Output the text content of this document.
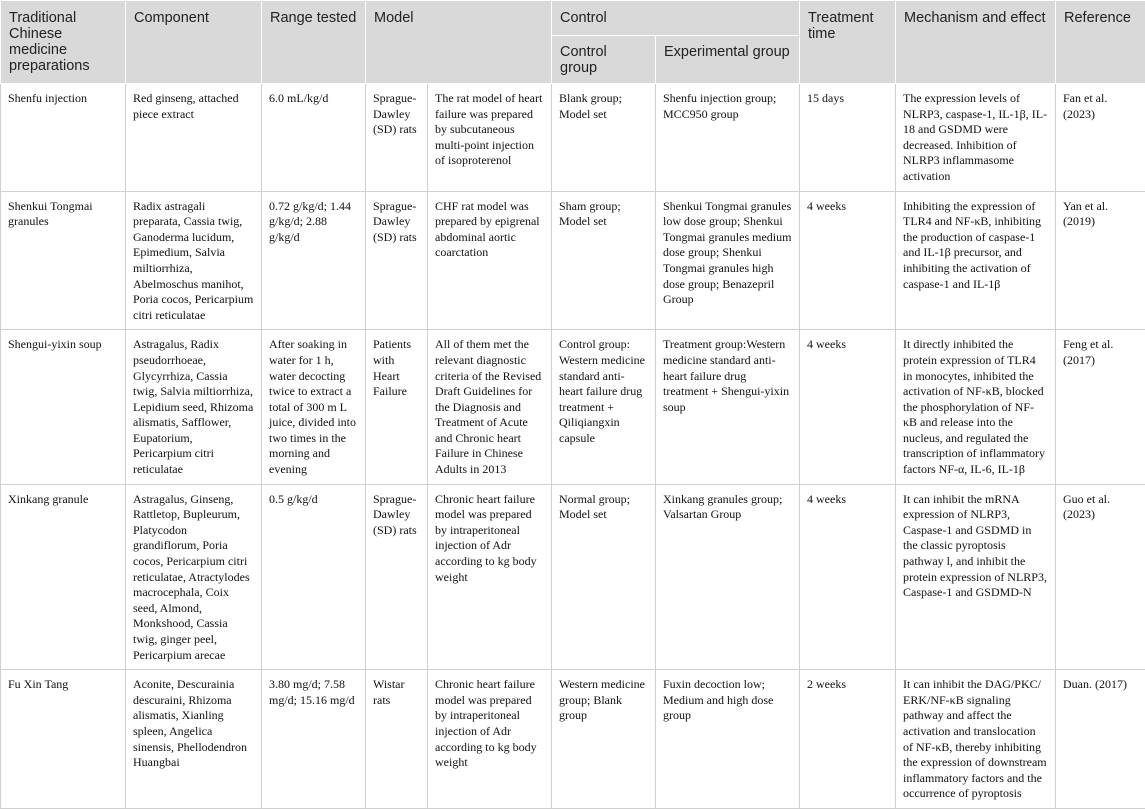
Traditional Chinese medicine preparations	Component	Range tested	Model		Control		Treatment time	Mechanism and effect	Reference
					Control group	Experimental group			
Shenfu injection	Red ginseng, attached piece extract	6.0 mL/kg/d	Sprague-Dawley (SD) rats	The rat model of heart failure was prepared by subcutaneous multi-point injection of isoproterenol	Blank group; Model set	Shenfu injection group; MCC950 group	15 days	The expression levels of NLRP3, caspase-1, IL-1β, IL-18 and GSDMD were decreased. Inhibition of NLRP3 inflammasome activation	Fan et al. (2023)
Shenkui Tongmai granules	Radix astragali preparata, Cassia twig, Ganoderma lucidum, Epimedium, Salvia miltiorrhiza, Abelmoschus manihot, Poria cocos, Pericarpium citri reticulatae	0.72 g/kg/d; 1.44 g/kg/d; 2.88 g/kg/d	Sprague-Dawley (SD) rats	CHF rat model was prepared by epigrenal abdominal aortic coarctation	Sham group; Model set	Shenkui Tongmai granules low dose group; Shenkui Tongmai granules medium dose group; Shenkui Tongmai granules high dose group; Benazepril Group	4 weeks	Inhibiting the expression of TLR4 and NF-κB, inhibiting the production of caspase-1 and IL-1β precursor, and inhibiting the activation of caspase-1 and IL-1β	Yan et al. (2019)
Shengui-yixin soup	Astragalus, Radix pseudorrhoeae, Glycyrrhiza, Cassia twig, Salvia miltiorrhiza, Lepidium seed, Rhizoma alismatis, Safflower, Eupatorium, Pericarpium citri reticulatae	After soaking in water for 1 h, water decocting twice to extract a total of 300 m L juice, divided into two times in the morning and evening	Patients with Heart Failure	All of them met the relevant diagnostic criteria of the Revised Draft Guidelines for the Diagnosis and Treatment of Acute and Chronic heart Failure in Chinese Adults in 2013	Control group: Western medicine standard anti-heart failure drug treatment + Qiliqiangxin capsule	Treatment group:Western medicine standard anti-heart failure drug treatment + Shengui-yixin soup	4 weeks	It directly inhibited the protein expression of TLR4 in monocytes, inhibited the activation of NF-κB, blocked the phosphorylation of NF-κB and release into the nucleus, and regulated the transcription of inflammatory factors NF-α, IL-6, IL-1β	Feng et al. (2017)
Xinkang granule	Astragalus, Ginseng, Rattletop, Bupleurum, Platycodon grandiflorum, Poria cocos, Pericarpium citri reticulatae, Atractylodes macrocephala, Coix seed, Almond, Monkshood, Cassia twig, ginger peel, Pericarpium arecae	0.5 g/kg/d	Sprague-Dawley (SD) rats	Chronic heart failure model was prepared by intraperitoneal injection of Adr according to kg body weight	Normal group; Model set	Xinkang granules group; Valsartan Group	4 weeks	It can inhibit the mRNA expression of NLRP3, Caspase-1 and GSDMD in the classic pyroptosis pathway l, and inhibit the protein expression of NLRP3, Caspase-1 and GSDMD-N	Guo et al. (2023)
Fu Xin Tang	Aconite, Descurainia descuraini, Rhizoma alismatis, Xianling spleen, Angelica sinensis, Phellodendron Huangbai	3.80 mg/d; 7.58 mg/d; 15.16 mg/d	Wistar rats	Chronic heart failure model was prepared by intraperitoneal injection of Adr according to kg body weight	Western medicine group; Blank group	Fuxin decoction low; Medium and high dose group	2 weeks	It can inhibit the DAG/PKC/ ERK/NF-κB signaling pathway and affect the activation and translocation of NF-κB, thereby inhibiting the expression of downstream inflammatory factors and the occurrence of pyroptosis	Duan. (2017)
